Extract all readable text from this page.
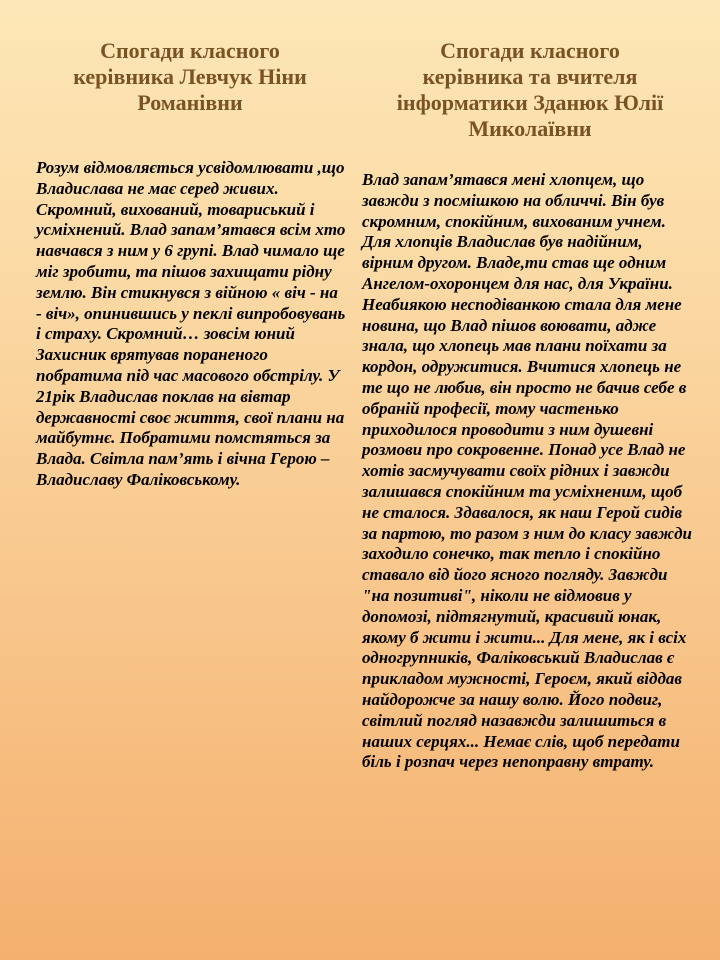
Спогади класного
керівника Левчук Ніни
Романівни

Розум відмовляється усвідомлювати ,що Владислава не має серед живих. Скромний, вихований, товариський і усміхнений. Влад запам’ятався всім хто навчався з ним у 6 групі. Влад чимало ще міг зробити, та пішов захищати рідну землю. Він стикнувся з війною « віч - на - віч», опинившись у пеклі випробовувань і страху. Скромний… зовсім юний Захисник врятував пораненого побратима під час масового обстрілу. У 21рік Владислав поклав на вівтар державності своє життя, свої плани на майбутнє. Побратими помстяться за Влада. Світла пам’ять і вічна Герою – Владиславу Фаліковському.

Спогади класного
керівника та вчителя
інформатики Зданюк Юлії
Миколаївни

Влад запам’ятався мені хлопцем, що завжди з посмішкою на обличчі. Він був скромним, спокійним, вихованим учнем. Для хлопців Владислав був надійним, вірним другом. Владе,ти став ще одним Ангелом-охоронцем для нас, для України. Неабиякою несподіванкою стала для мене новина, що Влад пішов воювати, адже знала, що хлопець мав плани поїхати за кордон, одружитися. Вчитися хлопець не те що не любив, він просто не бачив себе в обраній професії, тому частенько приходилося проводити з ним душевні розмови про сокровенне. Понад усе Влад не хотів засмучувати своїх рідних і завжди залишався спокійним та усміхненим, щоб не сталося. Здавалося, як наш Герой сидів за партою, то разом з ним до класу завжди заходило сонечко, так тепло і спокійно ставало від його ясного погляду. Завжди "на позитиві", ніколи не відмовив у допомозі, підтягнутий, красивий юнак, якому б жити і жити... Для мене, як і всіх одногрупників, Фаліковський Владислав є прикладом мужності, Героєм, який віддав найдорожче за нашу волю. Його подвиг, світлий погляд назавжди залишиться в наших серцях... Немає слів, щоб передати біль і розпач через непоправну втрату.
